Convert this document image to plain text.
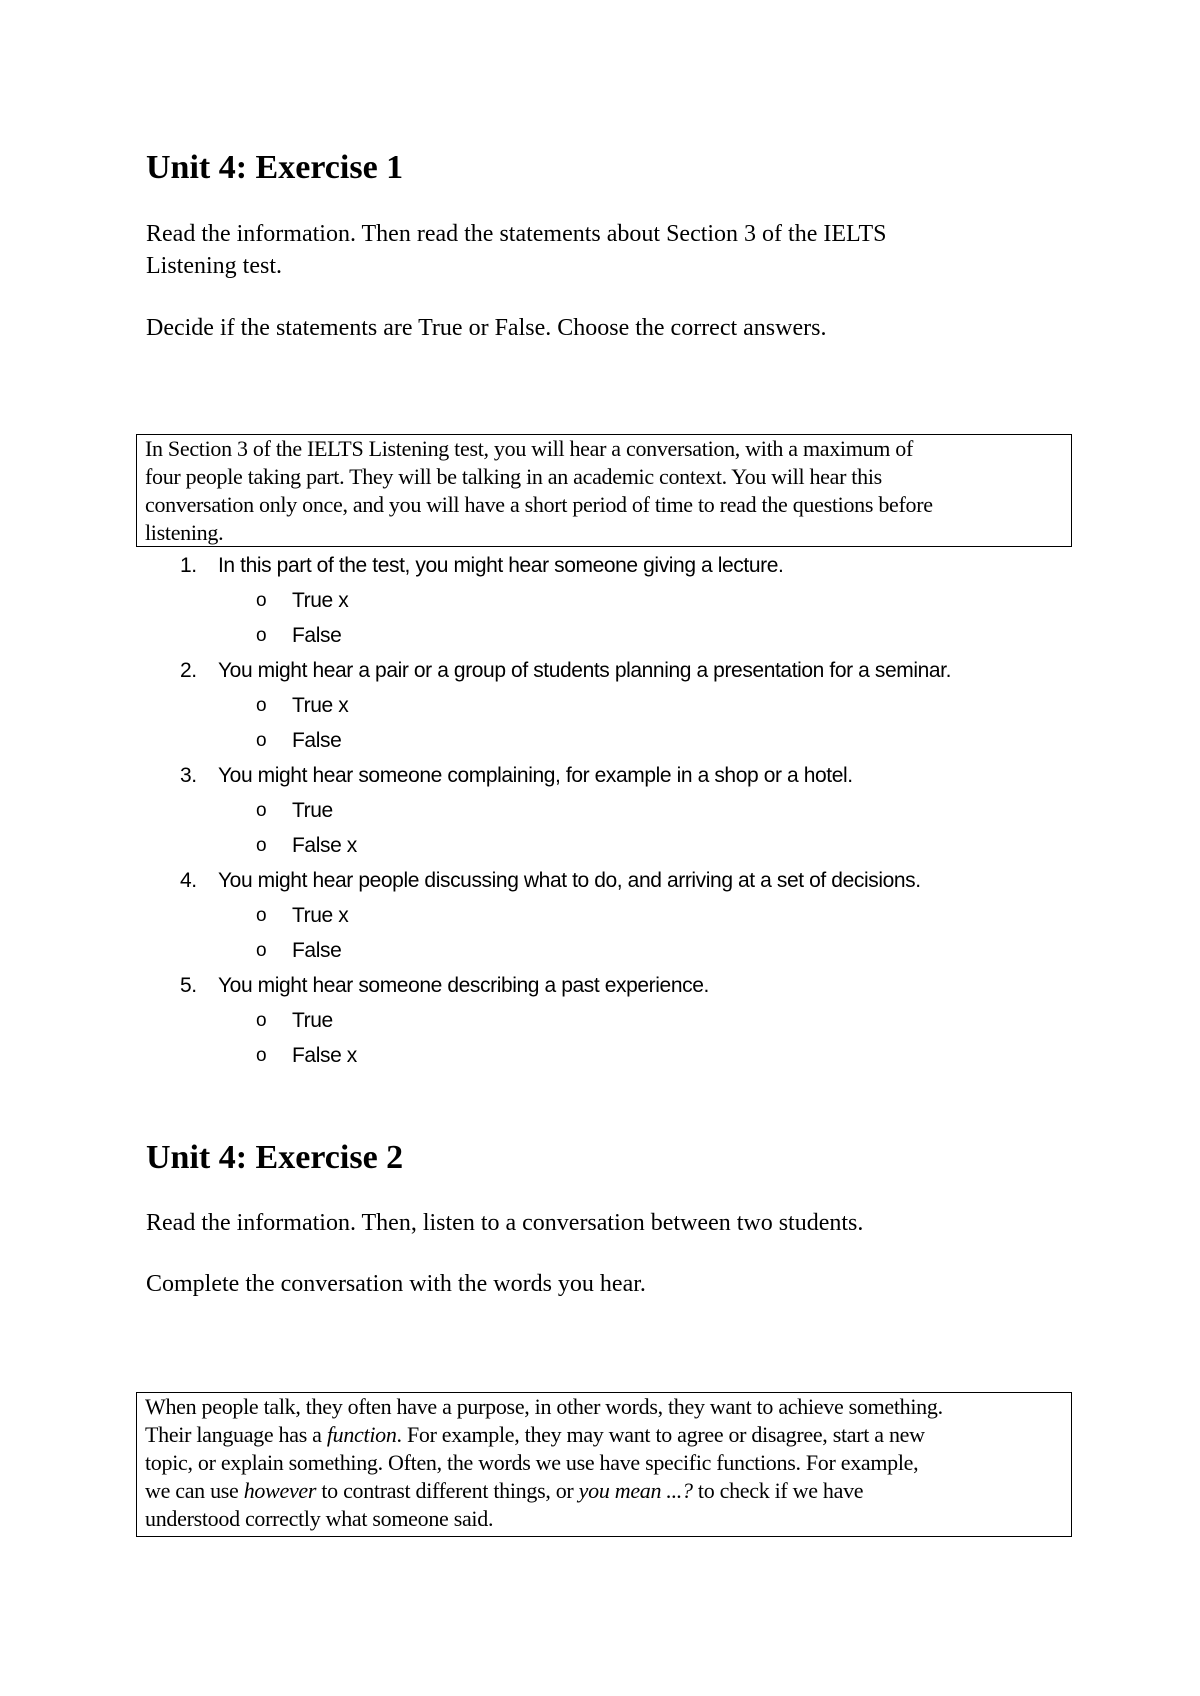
Unit 4: Exercise 1

Read the information. Then read the statements about Section 3 of the IELTS

Listening test.

Decide if the statements are True or False. Choose the correct answers.

In Section 3 of the IELTS Listening test, you will hear a conversation, with a maximum of

four people taking part. They will be talking in an academic context. You will hear this

conversation only once, and you will have a short period of time to read the questions before

listening.

1. In this part of the test, you might hear someone giving a lecture.
o True x
o False
2. You might hear a pair or a group of students planning a presentation for a seminar.
o True x
o False
3. You might hear someone complaining, for example in a shop or a hotel.
o True
o False x
4. You might hear people discussing what to do, and arriving at a set of decisions.
o True x
o False
5. You might hear someone describing a past experience.
o True
o False x
Unit 4: Exercise 2

Read the information. Then, listen to a conversation between two students.

Complete the conversation with the words you hear.

When people talk, they often have a purpose, in other words, they want to achieve something.

Their language has a function. For example, they may want to agree or disagree, start a new

topic, or explain something. Often, the words we use have specific functions. For example,

we can use however to contrast different things, or you mean ...? to check if we have

understood correctly what someone said.
